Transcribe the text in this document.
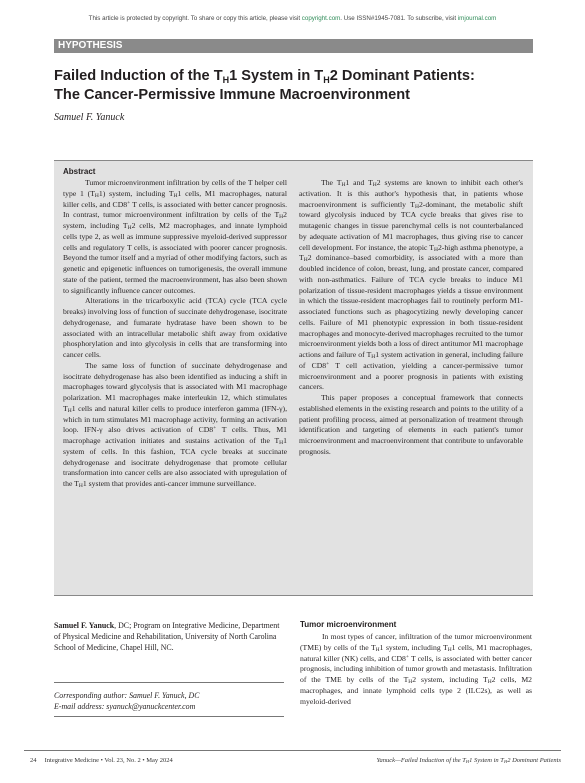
This article is protected by copyright. To share or copy this article, please visit copyright.com. Use ISSN#1945-7081. To subscribe, visit imjournal.com
HYPOTHESIS
Failed Induction of the $T_H1$ System in $T_H2$ Dominant Patients:
The Cancer-Permissive Immune Macroenvironment
Samuel F. Yanuck
Abstract

Tumor microenvironment infiltration by cells of the T helper cell type 1 $(T_H1)$ system, including $T_H1$ cells, M1 macrophages, natural killer cells, and CD8+ T cells, is associated with better cancer prognosis. In contrast, tumor microenvironment infiltration by cells of the $T_H2$ system, including $T_H2$ cells, M2 macrophages, and innate lymphoid cells type 2, as well as immune suppressive myeloid-derived suppressor cells and regulatory T cells, is associated with poorer cancer prognosis. Beyond the tumor itself and a myriad of other modifying factors, such as genetic and epigenetic influences on tumorigenesis, the overall immune state of the patient, termed the macroenvironment, has also been shown to significantly influence cancer outcomes.

Alterations in the tricarboxylic acid (TCA) cycle (TCA cycle breaks) involving loss of function of succinate dehydrogenase, isocitrate dehydrogenase, and fumarate hydratase have been shown to be associated with an intracellular metabolic shift away from oxidative phosphorylation and into glycolysis in cells that are transforming into cancer cells.

The same loss of function of succinate dehydrogenase and isocitrate dehydrogenase has also been identified as inducing a shift in macrophages toward glycolysis that is associated with M1 macrophage polarization. M1 macrophages make interleukin 12, which stimulates $T_H1$ cells and natural killer cells to produce interferon gamma (IFN-γ), which in turn stimulates M1 macrophage activity, forming an activation loop. IFN-γ also drives activation of CD8+ T cells. Thus, M1 macrophage activation initiates and sustains activation of the $T_H1$ system of cells. In this fashion, TCA cycle breaks at succinate dehydrogenase and isocitrate dehydrogenase that promote cellular transformation into cancer cells are also associated with upregulation of the $T_H1$ system that provides anti-cancer immune surveillance.

The $T_H1$ and $T_H2$ systems are known to inhibit each other's activation. It is this author's hypothesis that, in patients whose macroenvironment is sufficiently $T_H2$-dominant, the metabolic shift toward glycolysis induced by TCA cycle breaks that gives rise to mutagenic changes in tissue parenchymal cells is not counterbalanced by adequate activation of M1 macrophages, thus giving rise to cancer cell development. For instance, the atopic $T_H2$-high asthma phenotype, a $T_H2$ dominance–based comorbidity, is associated with a more than doubled incidence of colon, breast, lung, and prostate cancer, compared with non-asthmatics. Failure of TCA cycle breaks to induce M1 polarization of tissue-resident macrophages yields a tissue environment in which the tissue-resident macrophages fail to routinely perform M1-associated functions such as phagocytizing newly developing cancer cells. Failure of M1 phenotypic expression in both tissue-resident macrophages and monocyte-derived macrophages recruited to the tumor microenvironment yields both a loss of direct antitumor M1 macrophage actions and failure of $T_H1$ system activation in general, including failure of CD8+ T cell activation, yielding a cancer-permissive tumor microenvironment and a poorer prognosis in patients with existing cancers.

This paper proposes a conceptual framework that connects established elements in the existing research and points to the utility of a patient profiling process, aimed at personalization of treatment through identification and targeting of elements in each patient's tumor microenvironment and macroenvironment that contribute to unfavorable prognosis.

Samuel F. Yanuck, DC; Program on Integrative Medicine, Department of Physical Medicine and Rehabilitation, University of North Carolina School of Medicine, Chapel Hill, NC.
Corresponding author: Samuel F. Yanuck, DC
E-mail address: syanuck@yanuckcenter.com
Tumor microenvironment

In most types of cancer, infiltration of the tumor microenvironment (TME) by cells of the $T_H1$ system, including $T_H1$ cells, M1 macrophages, natural killer (NK) cells, and CD8+ T cells, is associated with better cancer prognosis, including inhibition of tumor growth and metastasis. Infiltration of the TME by cells of the $T_H2$ system, including $T_H2$ cells, M2 macrophages, and innate lymphoid cells type 2 (ILC2s), as well as myeloid-derived

24 Integrative Medicine • Vol. 23, No. 2 • May 2024	Yanuck—Failed Induction of the $T_H1$ System in $T_H2$ Dominant Patients
